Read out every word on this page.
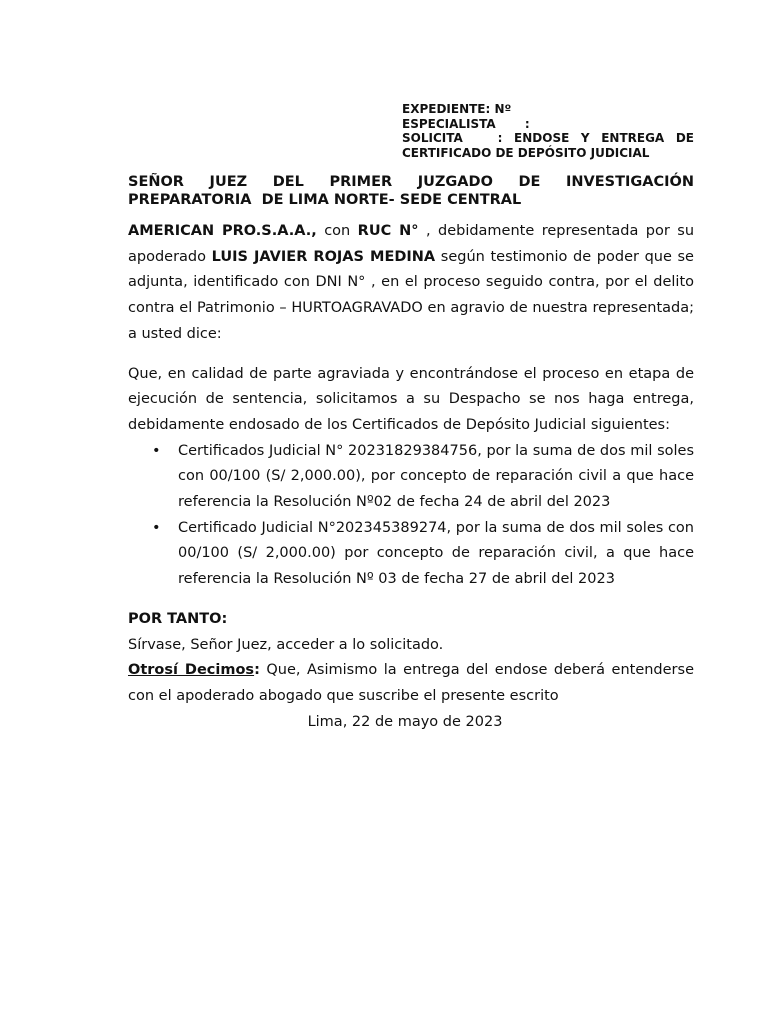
EXPEDIENTE: Nº
ESPECIALISTA       :
SOLICITA	: ENDOSE Y ENTREGA DE
CERTIFICADO DE DEPÓSITO JUDICIAL
SEÑOR JUEZ DEL PRIMER JUZGADO DE INVESTIGACIÓN
PREPARATORIA  DE LIMA NORTE- SEDE CENTRAL

AMERICAN PRO.S.A.A., con RUC N° , debidamente representada por su apoderado LUIS JAVIER ROJAS MEDINA según testimonio de poder que se adjunta, identificado con DNI N° , en el proceso seguido contra, por el delito contra el Patrimonio – HURTOAGRAVADO en agravio de nuestra representada; a usted dice:

Que, en calidad de parte agraviada y encontrándose el proceso en etapa de ejecución de sentencia, solicitamos a su Despacho se nos haga entrega, debidamente endosado de los Certificados de Depósito Judicial siguientes:

• Certificados Judicial N° 20231829384756, por la suma de dos mil soles con 00/100 (S/ 2,000.00), por concepto de reparación civil a que hace referencia la Resolución Nº02 de fecha 24 de abril del 2023
• Certificado Judicial N°202345389274, por la suma de dos mil soles con 00/100 (S/ 2,000.00) por concepto de reparación civil, a que hace referencia la Resolución Nº 03 de fecha 27 de abril del 2023

POR TANTO:

Sírvase, Señor Juez, acceder a lo solicitado.

Otrosí Decimos: Que, Asimismo la entrega del endose deberá entenderse con el apoderado abogado que suscribe el presente escrito

Lima, 22 de mayo de 2023
